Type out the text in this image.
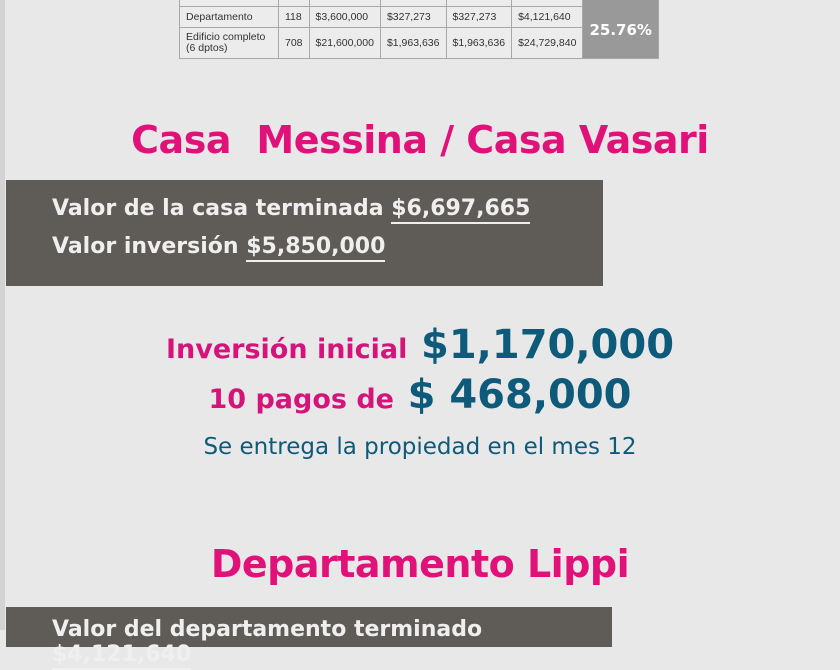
						25.76%
Departamento	118	$3,600,000	$327,273	$327,273	$4,121,640	
Edificio completo (6 dptos)	708	$21,600,000	$1,963,636	$1,963,636	$24,729,840	
Casa  Messina / Casa Vasari
Valor de la casa terminada $6,697,665
Valor inversión $5,850,000
Inversión inicial $1,170,000
10 pagos de $ 468,000
Se entrega la propiedad en el mes 12
Departamento Lippi
Valor del departamento terminado $4,121,640
